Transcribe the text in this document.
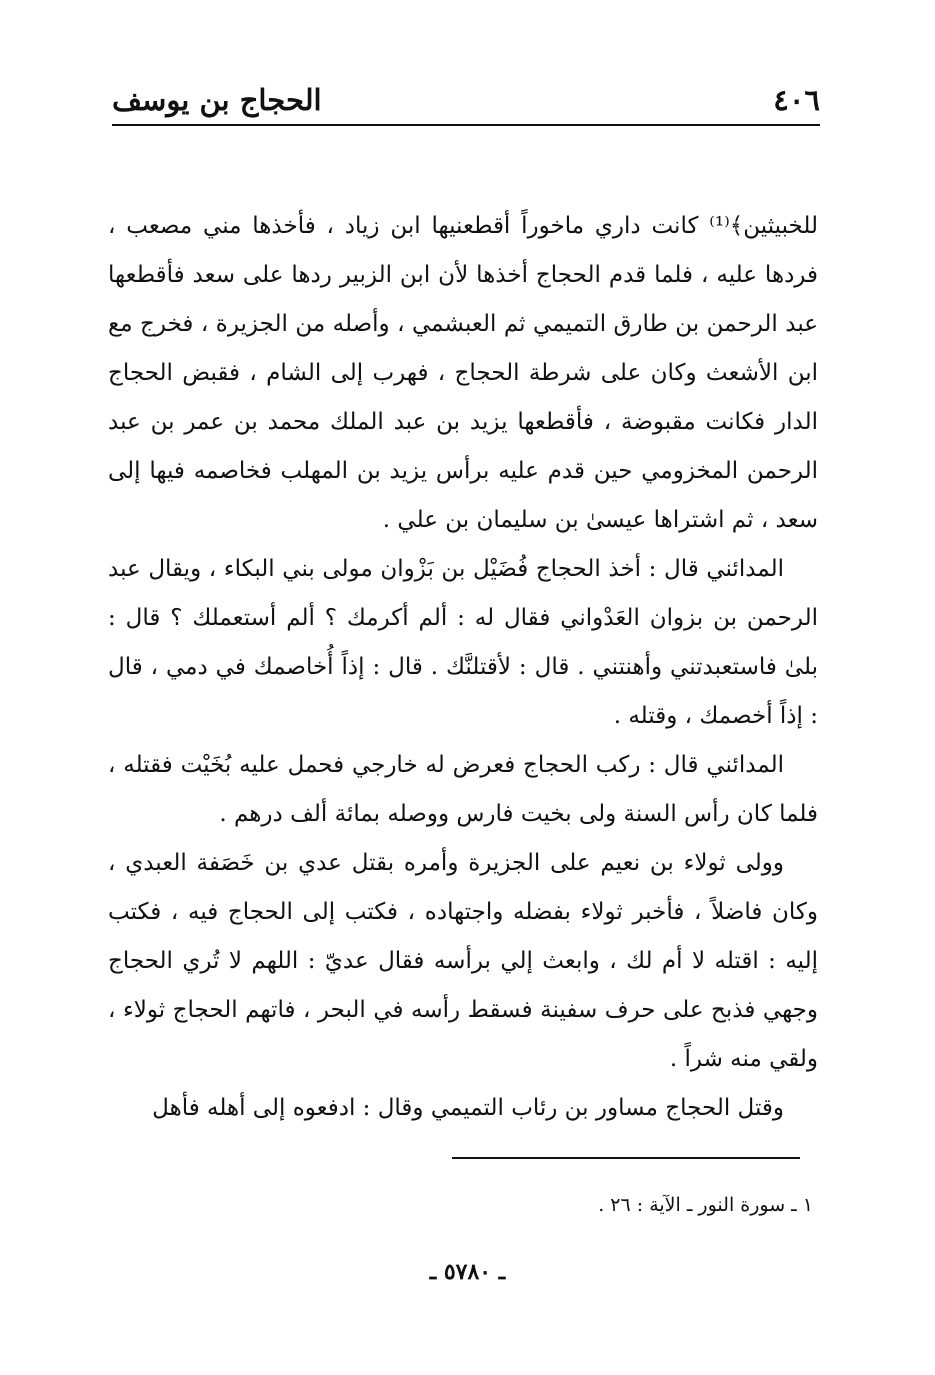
٤٠٦
الحجاج بن يوسف

للخبيثين﴾⁽¹⁾ كانت داري ماخوراً أقطعنيها ابن زياد ، فأخذها مني مصعب ، فردها عليه ، فلما قدم الحجاج أخذها لأن ابن الزبير ردها على سعد فأقطعها عبد الرحمن بن طارق التميمي ثم العبشمي ، وأصله من الجزيرة ، فخرج مع ابن الأشعث وكان على شرطة الحجاج ، فهرب إلى الشام ، فقبض الحجاج الدار فكانت مقبوضة ، فأقطعها يزيد بن عبد الملك محمد بن عمر بن عبد الرحمن المخزومي حين قدم عليه برأس يزيد بن المهلب فخاصمه فيها إلى سعد ، ثم اشتراها عيسىٰ بن سليمان بن علي .

المدائني قال : أخذ الحجاج فُضَيْل بن بَزْوان مولى بني البكاء ، ويقال عبد الرحمن بن بزوان العَدْواني فقال له : ألم أكرمك ؟ ألم أستعملك ؟ قال : بلىٰ فاستعبدتني وأهنتني . قال : لأقتلنَّك . قال : إذاً أُخاصمك في دمي ، قال : إذاً أخصمك ، وقتله .

المدائني قال : ركب الحجاج فعرض له خارجي فحمل عليه بُخَيْت فقتله ، فلما كان رأس السنة ولى بخيت فارس ووصله بمائة ألف درهم .

وولى ثولاء بن نعيم على الجزيرة وأمره بقتل عدي بن خَصَفة العبدي ، وكان فاضلاً ، فأخبر ثولاء بفضله واجتهاده ، فكتب إلى الحجاج فيه ، فكتب إليه : اقتله لا أم لك ، وابعث إلي برأسه فقال عديّ : اللهم لا تُري الحجاج وجهي فذبح على حرف سفينة فسقط رأسه في البحر ، فاتهم الحجاج ثولاء ، ولقي منه شراً .

وقتل الحجاج مساور بن رئاب التميمي وقال : ادفعوه إلى أهله فأهل

١ ـ سورة النور ـ الآية : ٢٦ .
ـ ٥٧٨٠ ـ
